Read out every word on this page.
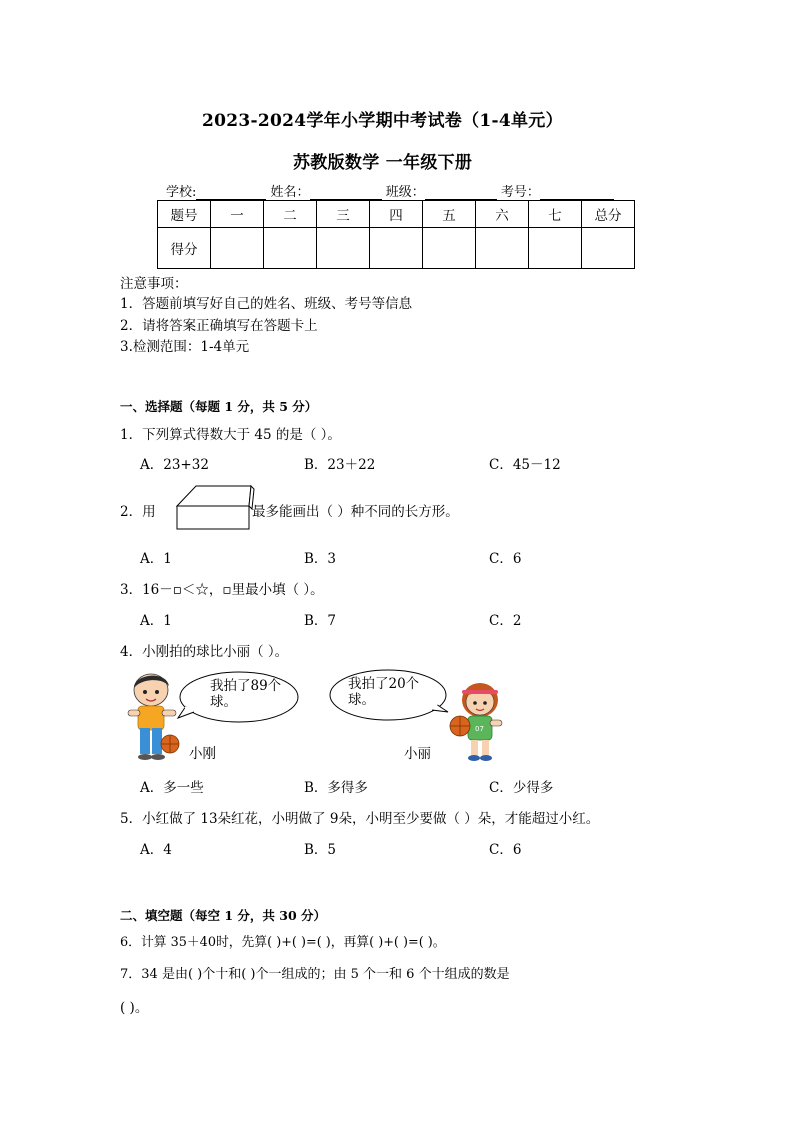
2023-2024学年小学期中考试卷（1-4单元）
苏教版数学 一年级下册
学校:	姓名：	班级：	考号：
题号	一	二	三	四	五	六	七	总分
得分								
注意事项：
1．答题前填写好自己的姓名、班级、考号等信息
2．请将答案正确填写在答题卡上
3.检测范围：1-4单元
一、选择题（每题 1 分，共 5 分）
1．下列算式得数大于 45 的是（ ）。
A．23+32	B．23＋22	C．45－12
2．用	最多能画出（ ）种不同的长方形。
A．1	B．3	C．6
3．16－▫＜☆，▫里最小填（ ）。
A．1	B．7	C．2
4．小刚拍的球比小丽（ ）。
我拍了89个球。
我拍了20个球。
07
小刚	小丽
A．多一些	B．多得多	C．少得多
5．小红做了 13朵红花，小明做了 9朵，小明至少要做（ ）朵，才能超过小红。
A．4	B．5	C．6
二、填空题（每空 1 分，共 30 分）
6．计算 35＋40时，先算( )+( )=( )，再算( )+( )=( )。
7．34 是由( )个十和( )个一组成的；由 5 个一和 6 个十组成的数是
( )。
